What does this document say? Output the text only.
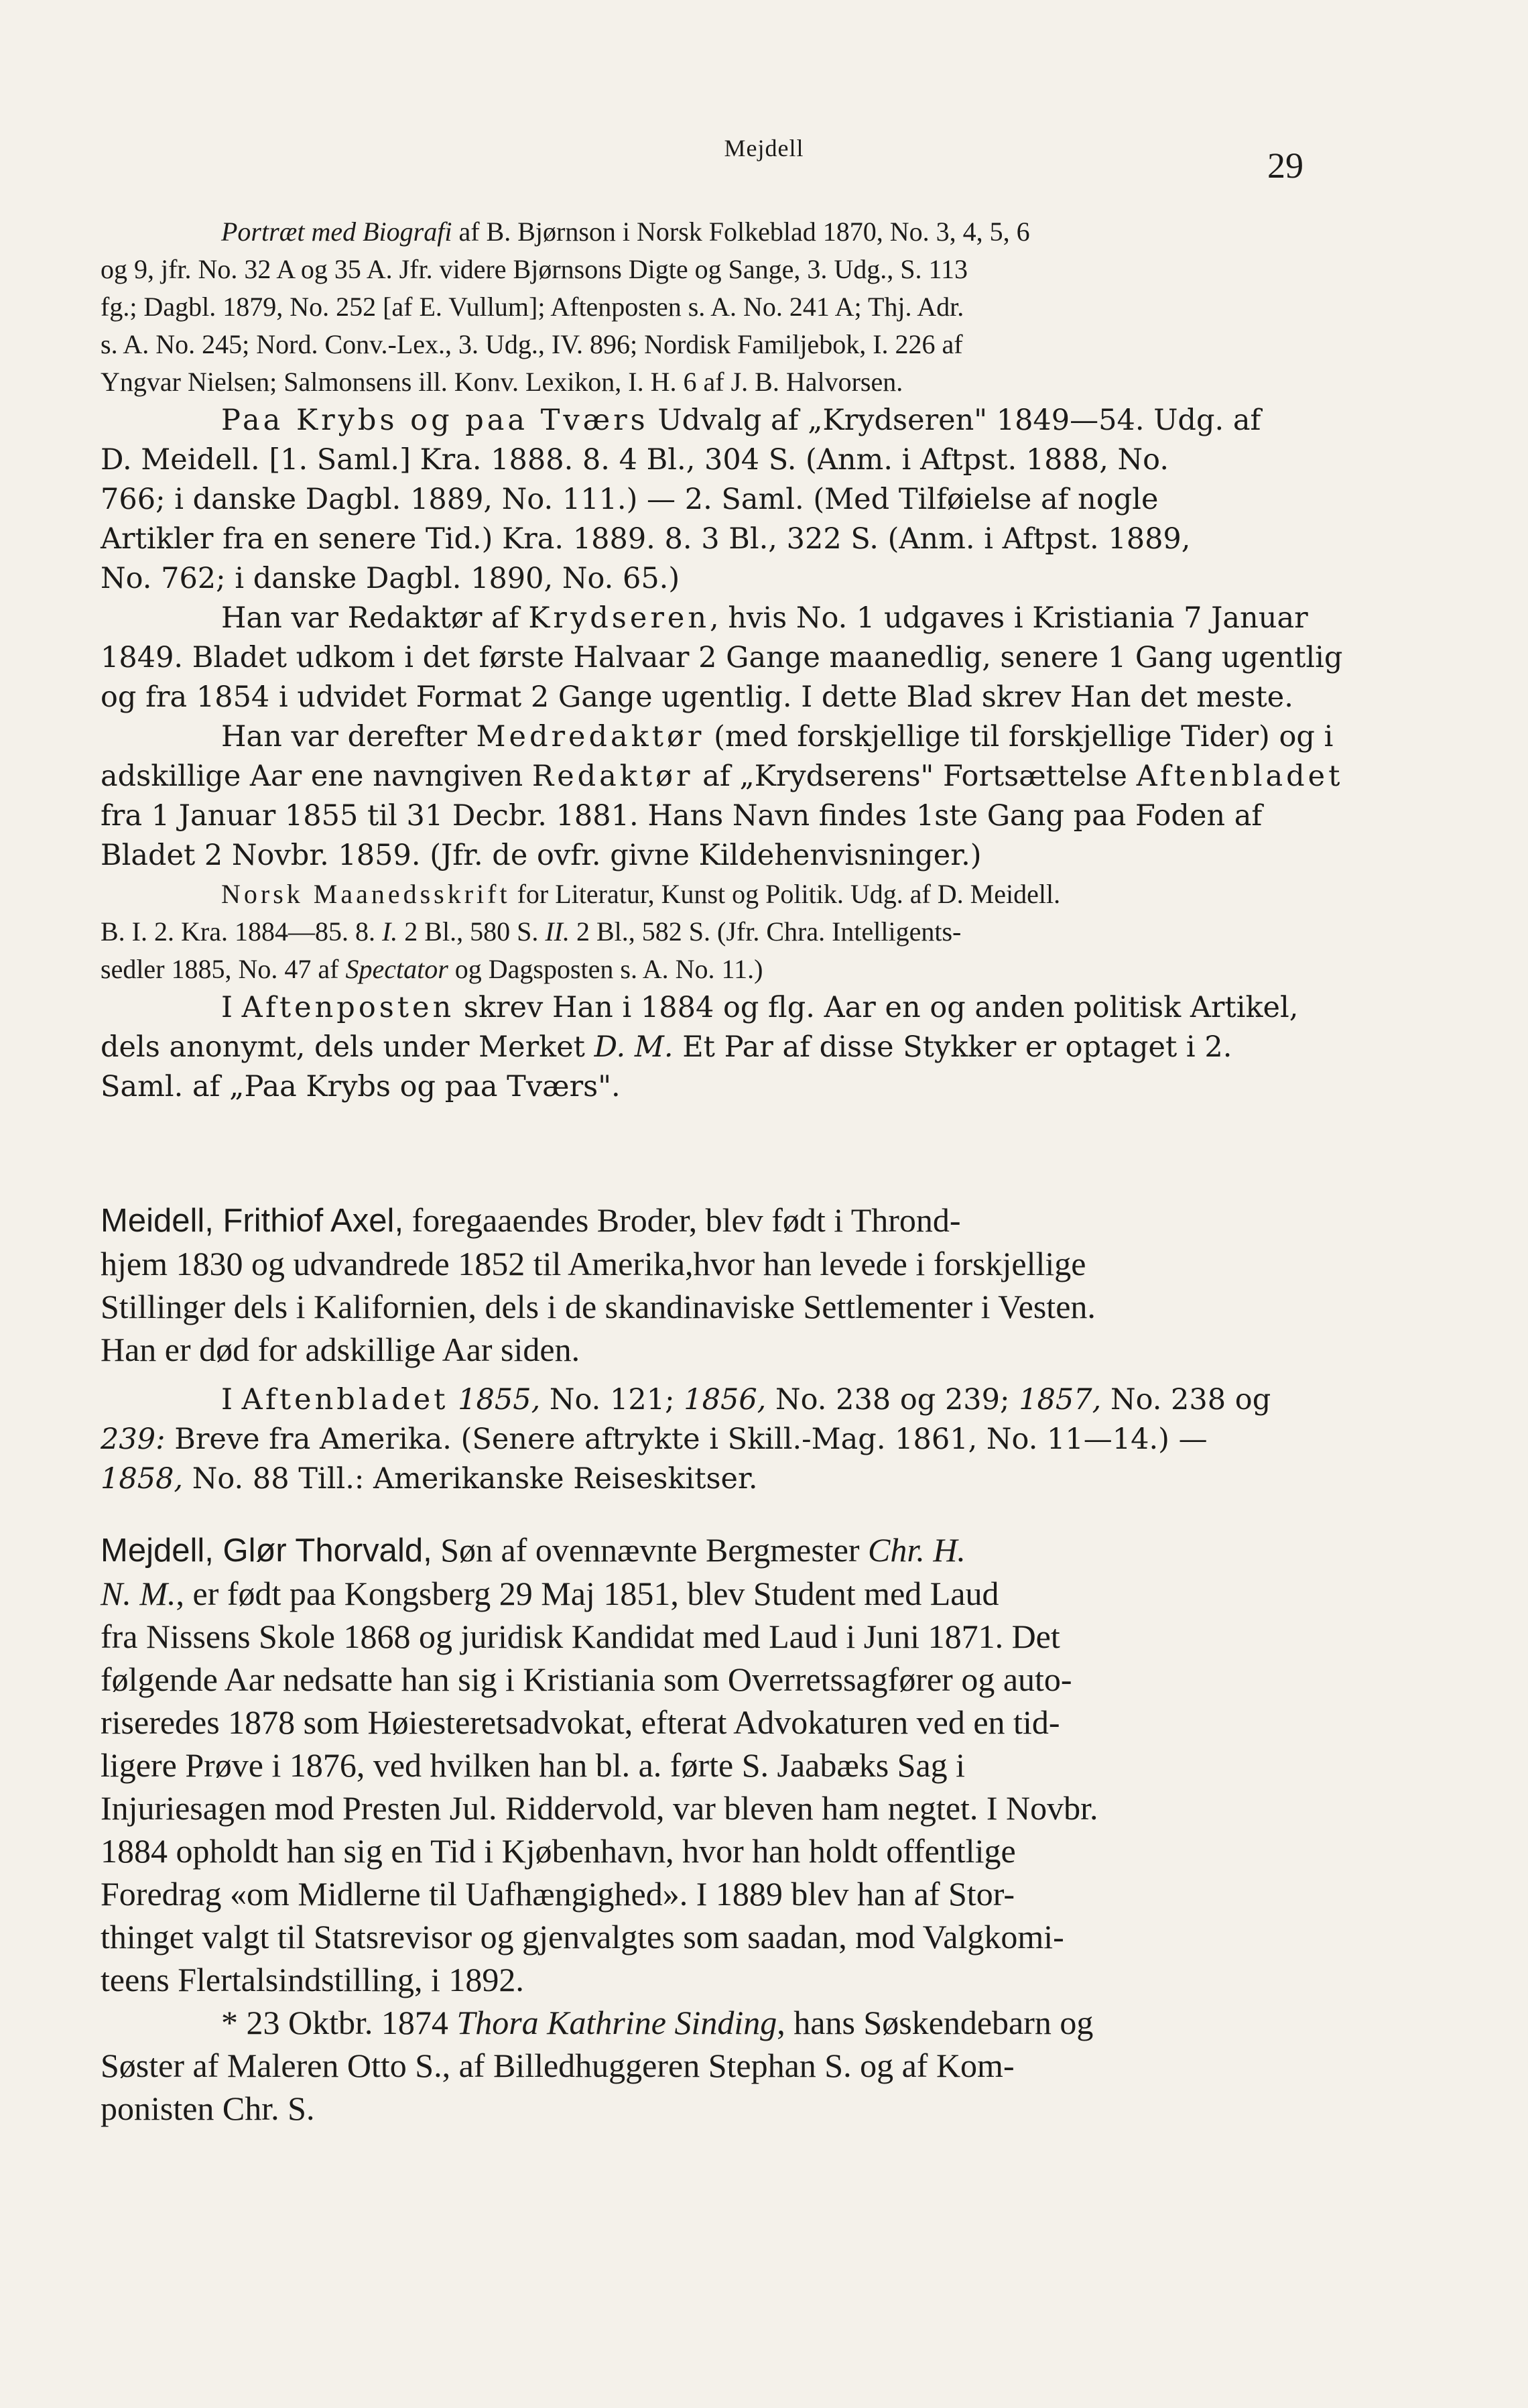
Mejdell	29
Portræt med Biografi af B. Bjørnson i Norsk Folkeblad 1870, No. 3, 4, 5, 6
og 9, jfr. No. 32 A og 35 A. Jfr. videre Bjørnsons Digte og Sange, 3. Udg., S. 113
fg.; Dagbl. 1879, No. 252 [af E. Vullum]; Aftenposten s. A. No. 241 A; Thj. Adr.
s. A. No. 245; Nord. Conv.-Lex., 3. Udg., IV. 896; Nordisk Familjebok, I. 226 af
Yngvar Nielsen; Salmonsens ill. Konv. Lexikon, I. H. 6 af J. B. Halvorsen.
Paa Krybs og paa Tværs Udvalg af „Krydseren" 1849—54. Udg. af
D. Meidell. [1. Saml.] Kra. 1888. 8. 4 Bl., 304 S. (Anm. i Aftpst. 1888, No.
766; i danske Dagbl. 1889, No. 111.) — 2. Saml. (Med Tilføielse af nogle
Artikler fra en senere Tid.) Kra. 1889. 8. 3 Bl., 322 S. (Anm. i Aftpst. 1889,
No. 762; i danske Dagbl. 1890, No. 65.)
Han var Redaktør af Krydseren, hvis No. 1 udgaves i Kristiania 7 Januar
1849. Bladet udkom i det første Halvaar 2 Gange maanedlig, senere 1 Gang ugentlig
og fra 1854 i udvidet Format 2 Gange ugentlig. I dette Blad skrev Han det meste.
Han var derefter Medredaktør (med forskjellige til forskjellige Tider) og i
adskillige Aar ene navngiven Redaktør af „Krydserens" Fortsættelse Aftenbladet
fra 1 Januar 1855 til 31 Decbr. 1881. Hans Navn findes 1ste Gang paa Foden af
Bladet 2 Novbr. 1859. (Jfr. de ovfr. givne Kildehenvisninger.)
Norsk Maanedsskrift for Literatur, Kunst og Politik. Udg. af D. Meidell.
B. I. 2. Kra. 1884—85. 8. I. 2 Bl., 580 S. II. 2 Bl., 582 S. (Jfr. Chra. Intelligents-
sedler 1885, No. 47 af Spectator og Dagsposten s. A. No. 11.)
I Aftenposten skrev Han i 1884 og flg. Aar en og anden politisk Artikel,
dels anonymt, dels under Merket D. M. Et Par af disse Stykker er optaget i 2.
Saml. af „Paa Krybs og paa Tværs".
Meidell, Frithiof Axel, foregaaendes Broder, blev født i Thrond-
hjem 1830 og udvandrede 1852 til Amerika,hvor han levede i forskjellige
Stillinger dels i Kalifornien, dels i de skandinaviske Settlementer i Vesten.
Han er død for adskillige Aar siden.
I Aftenbladet 1855, No. 121; 1856, No. 238 og 239; 1857, No. 238 og
239: Breve fra Amerika. (Senere aftrykte i Skill.-Mag. 1861, No. 11—14.) —
1858, No. 88 Till.: Amerikanske Reiseskitser.
Mejdell, Glør Thorvald, Søn af ovennævnte Bergmester Chr. H.
N. M., er født paa Kongsberg 29 Maj 1851, blev Student med Laud
fra Nissens Skole 1868 og juridisk Kandidat med Laud i Juni 1871. Det
følgende Aar nedsatte han sig i Kristiania som Overretssagfører og auto-
riseredes 1878 som Høiesteretsadvokat, efterat Advokaturen ved en tid-
ligere Prøve i 1876, ved hvilken han bl. a. førte S. Jaabæks Sag i
Injuriesagen mod Presten Jul. Riddervold, var bleven ham negtet. I Novbr.
1884 opholdt han sig en Tid i Kjøbenhavn, hvor han holdt offentlige
Foredrag «om Midlerne til Uafhængighed». I 1889 blev han af Stor-
thinget valgt til Statsrevisor og gjenvalgtes som saadan, mod Valgkomi-
teens Flertalsindstilling, i 1892.
* 23 Oktbr. 1874 Thora Kathrine Sinding, hans Søskendebarn og
Søster af Maleren Otto S., af Billedhuggeren Stephan S. og af Kom-
ponisten Chr. S.
